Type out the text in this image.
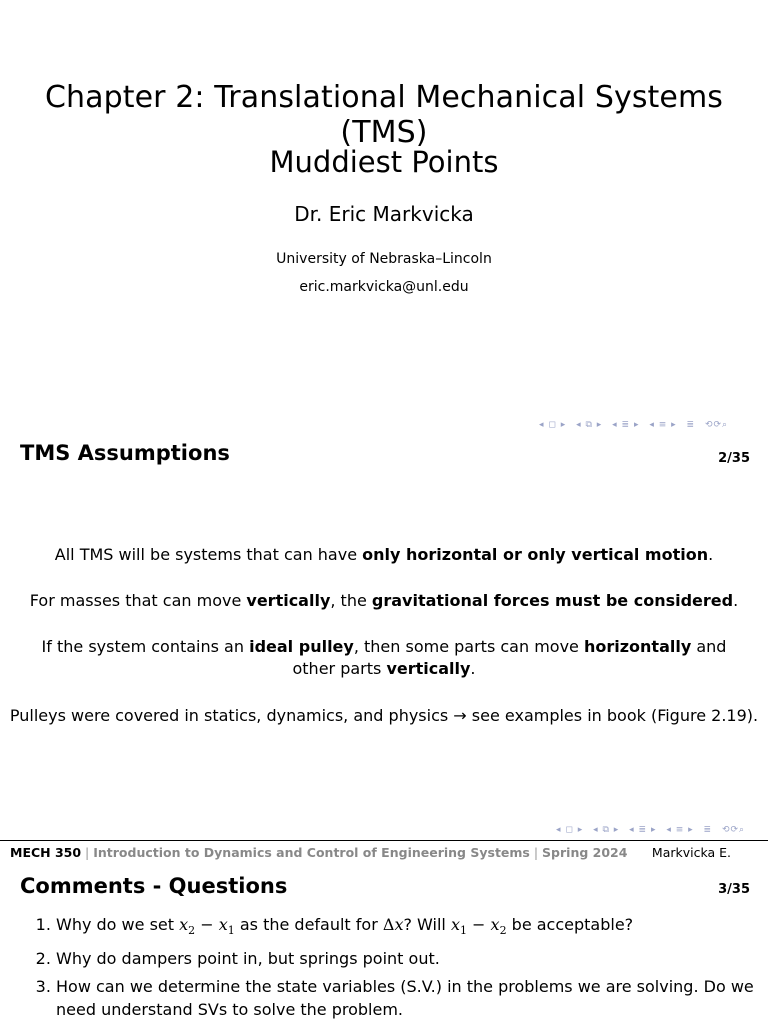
Chapter 2: Translational Mechanical Systems (TMS)
Muddiest Points
Dr. Eric Markvicka
University of Nebraska–Lincoln
eric.markvicka@unl.edu
◂ ◻ ▸ ◂ ⧉ ▸ ◂ ≣ ▸ ◂ ≡ ▸ ≣ ⟲⟳⌕
TMS Assumptions	2/35
All TMS will be systems that can have only horizontal or only vertical motion.
For masses that can move vertically, the gravitational forces must be considered.
If the system contains an ideal pulley, then some parts can move horizontally and other parts vertically.
Pulleys were covered in statics, dynamics, and physics → see examples in book (Figure 2.19).
◂ ◻ ▸ ◂ ⧉ ▸ ◂ ≣ ▸ ◂ ≡ ▸ ≣ ⟲⟳⌕
MECH 350 | Introduction to Dynamics and Control of Engineering Systems | Spring 2024 Markvicka E.
Comments - Questions	3/35
1. Why do we set $x_2 - x_1$ as the default for Δx? Will $x_1 - x_2$ be acceptable?
2. Why do dampers point in, but springs point out.
3. How can we determine the state variables (S.V.) in the problems we are solving. Do we need understand SVs to solve the problem.
